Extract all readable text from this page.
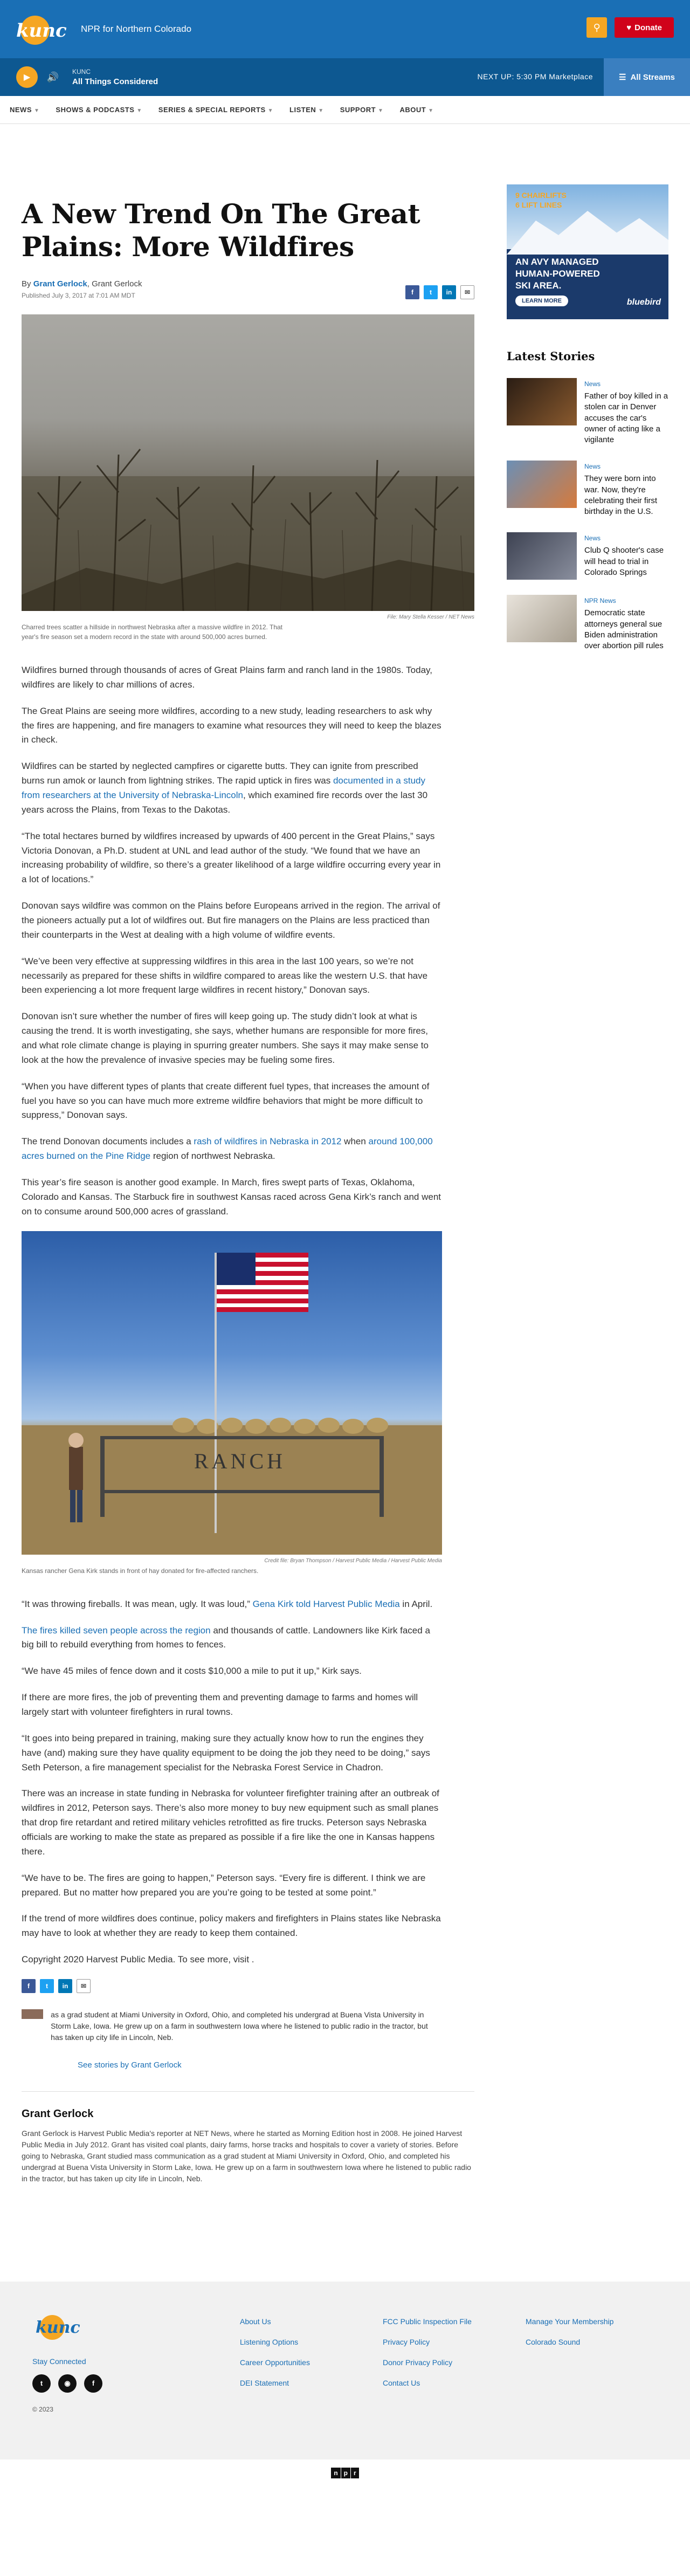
kunc NPR for Northern Colorado	⚲	♥ Donate
▶	🔊	KUNC
All Things Considered
NEXT UP: 5:30 PM Marketplace	☰ All Streams
NEWS ▼ SHOWS & PODCASTS ▼ SERIES & SPECIAL REPORTS ▼ LISTEN ▼ SUPPORT ▼ ABOUT ▼
A New Trend On The Great Plains: More Wildfires
By Grant Gerlock, Grant Gerlock
Published July 3, 2017 at 7:01 AM MDT	f	t	in	✉
File: Mary Stella Kesser / NET News
Charred trees scatter a hillside in northwest Nebraska after a massive wildfire in 2012. That year's fire season set a modern record in the state with around 500,000 acres burned.

Wildfires burned through thousands of acres of Great Plains farm and ranch land in the 1980s. Today, wildfires are likely to char millions of acres.

The Great Plains are seeing more wildfires, according to a new study, leading researchers to ask why the fires are happening, and fire managers to examine what resources they will need to keep the blazes in check.

Wildfires can be started by neglected campfires or cigarette butts. They can ignite from prescribed burns run amok or launch from lightning strikes. The rapid uptick in fires was documented in a study from researchers at the University of Nebraska-Lincoln, which examined fire records over the last 30 years across the Plains, from Texas to the Dakotas.

“The total hectares burned by wildfires increased by upwards of 400 percent in the Great Plains,” says Victoria Donovan, a Ph.D. student at UNL and lead author of the study. “We found that we have an increasing probability of wildfire, so there’s a greater likelihood of a large wildfire occurring every year in a lot of locations.”

Donovan says wildfire was common on the Plains before Europeans arrived in the region. The arrival of the pioneers actually put a lot of wildfires out. But fire managers on the Plains are less practiced than their counterparts in the West at dealing with a high volume of wildfire events.

“We’ve been very effective at suppressing wildfires in this area in the last 100 years, so we’re not necessarily as prepared for these shifts in wildfire compared to areas like the western U.S. that have been experiencing a lot more frequent large wildfires in recent history,” Donovan says.

Donovan isn’t sure whether the number of fires will keep going up. The study didn’t look at what is causing the trend. It is worth investigating, she says, whether humans are responsible for more fires, and what role climate change is playing in spurring greater numbers. She says it may make sense to look at the how the prevalence of invasive species may be fueling some fires.

“When you have different types of plants that create different fuel types, that increases the amount of fuel you have so you can have much more extreme wildfire behaviors that might be more difficult to suppress,” Donovan says.

The trend Donovan documents includes a rash of wildfires in Nebraska in 2012 when around 100,000 acres burned on the Pine Ridge region of northwest Nebraska.

This year’s fire season is another good example. In March, fires swept parts of Texas, Oklahoma, Colorado and Kansas. The Starbuck fire in southwest Kansas raced across Gena Kirk’s ranch and went on to consume around 500,000 acres of grassland.

RANCH
Credit file: Bryan Thompson / Harvest Public Media / Harvest Public Media
Kansas rancher Gena Kirk stands in front of hay donated for fire-affected ranchers.

“It was throwing fireballs. It was mean, ugly. It was loud,” Gena Kirk told Harvest Public Media in April.

The fires killed seven people across the region and thousands of cattle. Landowners like Kirk faced a big bill to rebuild everything from homes to fences.

“We have 45 miles of fence down and it costs $10,000 a mile to put it up,” Kirk says.

If there are more fires, the job of preventing them and preventing damage to farms and homes will largely start with volunteer firefighters in rural towns.

“It goes into being prepared in training, making sure they actually know how to run the engines they have (and) making sure they have quality equipment to be doing the job they need to be doing,” says Seth Peterson, a fire management specialist for the Nebraska Forest Service in Chadron.

There was an increase in state funding in Nebraska for volunteer firefighter training after an outbreak of wildfires in 2012, Peterson says. There’s also more money to buy new equipment such as small planes that drop fire retardant and retired military vehicles retrofitted as fire trucks. Peterson says Nebraska officials are working to make the state as prepared as possible if a fire like the one in Kansas happens there.

“We have to be. The fires are going to happen,” Peterson says. “Every fire is different. I think we are prepared. But no matter how prepared you are you’re going to be tested at some point.”

If the trend of more wildfires does continue, policy makers and firefighters in Plains states like Nebraska may have to look at whether they are ready to keep them contained.

Copyright 2020 Harvest Public Media. To see more, visit .

f	t	in	✉

as a grad student at Miami University in Oxford, Ohio, and completed his undergrad at Buena Vista University in Storm Lake, Iowa. He grew up on a farm in southwestern Iowa where he listened to public radio in the tractor, but has taken up city life in Lincoln, Neb.

See stories by Grant Gerlock
Grant Gerlock

Grant Gerlock is Harvest Public Media's reporter at NET News, where he started as Morning Edition host in 2008. He joined Harvest Public Media in July 2012. Grant has visited coal plants, dairy farms, horse tracks and hospitals to cover a variety of stories. Before going to Nebraska, Grant studied mass communication as a grad student at Miami University in Oxford, Ohio, and completed his undergrad at Buena Vista University in Storm Lake, Iowa. He grew up on a farm in southwestern Iowa where he listened to public radio in the tractor, but has taken up city life in Lincoln, Neb.

9 CHAIRLIFTS
6 LIFT LINES
AN AVY MANAGED
HUMAN-POWERED
SKI AREA.
LEARN MORE	bluebird
Latest Stories
News
Father of boy killed in a stolen car in Denver accuses the car's owner of acting like a vigilante
News
They were born into war. Now, they're celebrating their first birthday in the U.S.
News
Club Q shooter's case will head to trial in Colorado Springs
NPR News
Democratic state attorneys general sue Biden administration over abortion pill rules
kunc
Stay Connected
t	◉	f
© 2023
About Us
Listening Options
Career Opportunities
DEI Statement
FCC Public Inspection File
Privacy Policy
Donor Privacy Policy
Contact Us
Manage Your Membership
Colorado Sound
n p r
